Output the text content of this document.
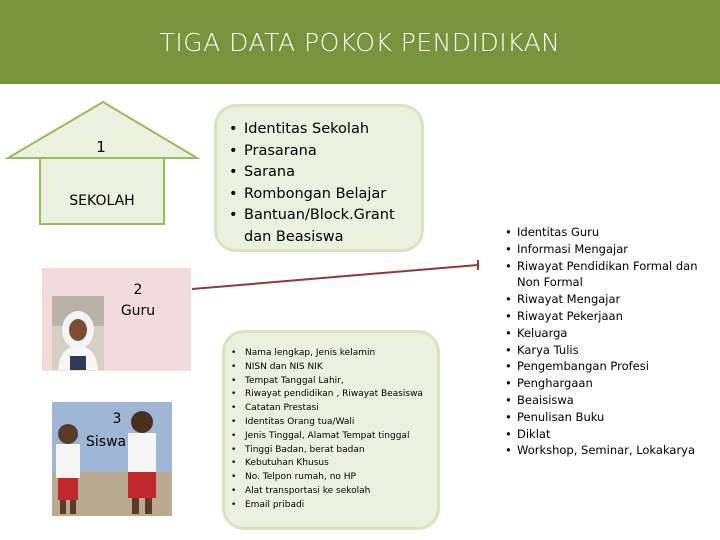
TIGA DATA POKOK PENDIDIKAN
1
SEKOLAH
2
Guru
3
Siswa
• Identitas Sekolah
• Prasarana
• Sarana
• Rombongan Belajar
• Bantuan/Block.Grant dan Beasiswa
• Nama lengkap, Jenis kelamin
• NISN dan NIS NIK
• Tempat Tanggal Lahir,
• Riwayat pendidikan , Riwayat Beasiswa
• Catatan Prestasi
• Identitas Orang tua/Wali
• Jenis Tinggal, Alamat Tempat tinggal
• Tinggi Badan, berat badan
• Kebutuhan Khusus
• No. Telpon rumah, no HP
• Alat transportasi ke sekolah
• Email pribadi
• Identitas Guru
• Informasi Mengajar
• Riwayat Pendidikan Formal dan Non Formal
• Riwayat Mengajar
• Riwayat Pekerjaan
• Keluarga
• Karya Tulis
• Pengembangan Profesi
• Penghargaan
• Beaisiswa
• Penulisan Buku
• Diklat
• Workshop, Seminar, Lokakarya
